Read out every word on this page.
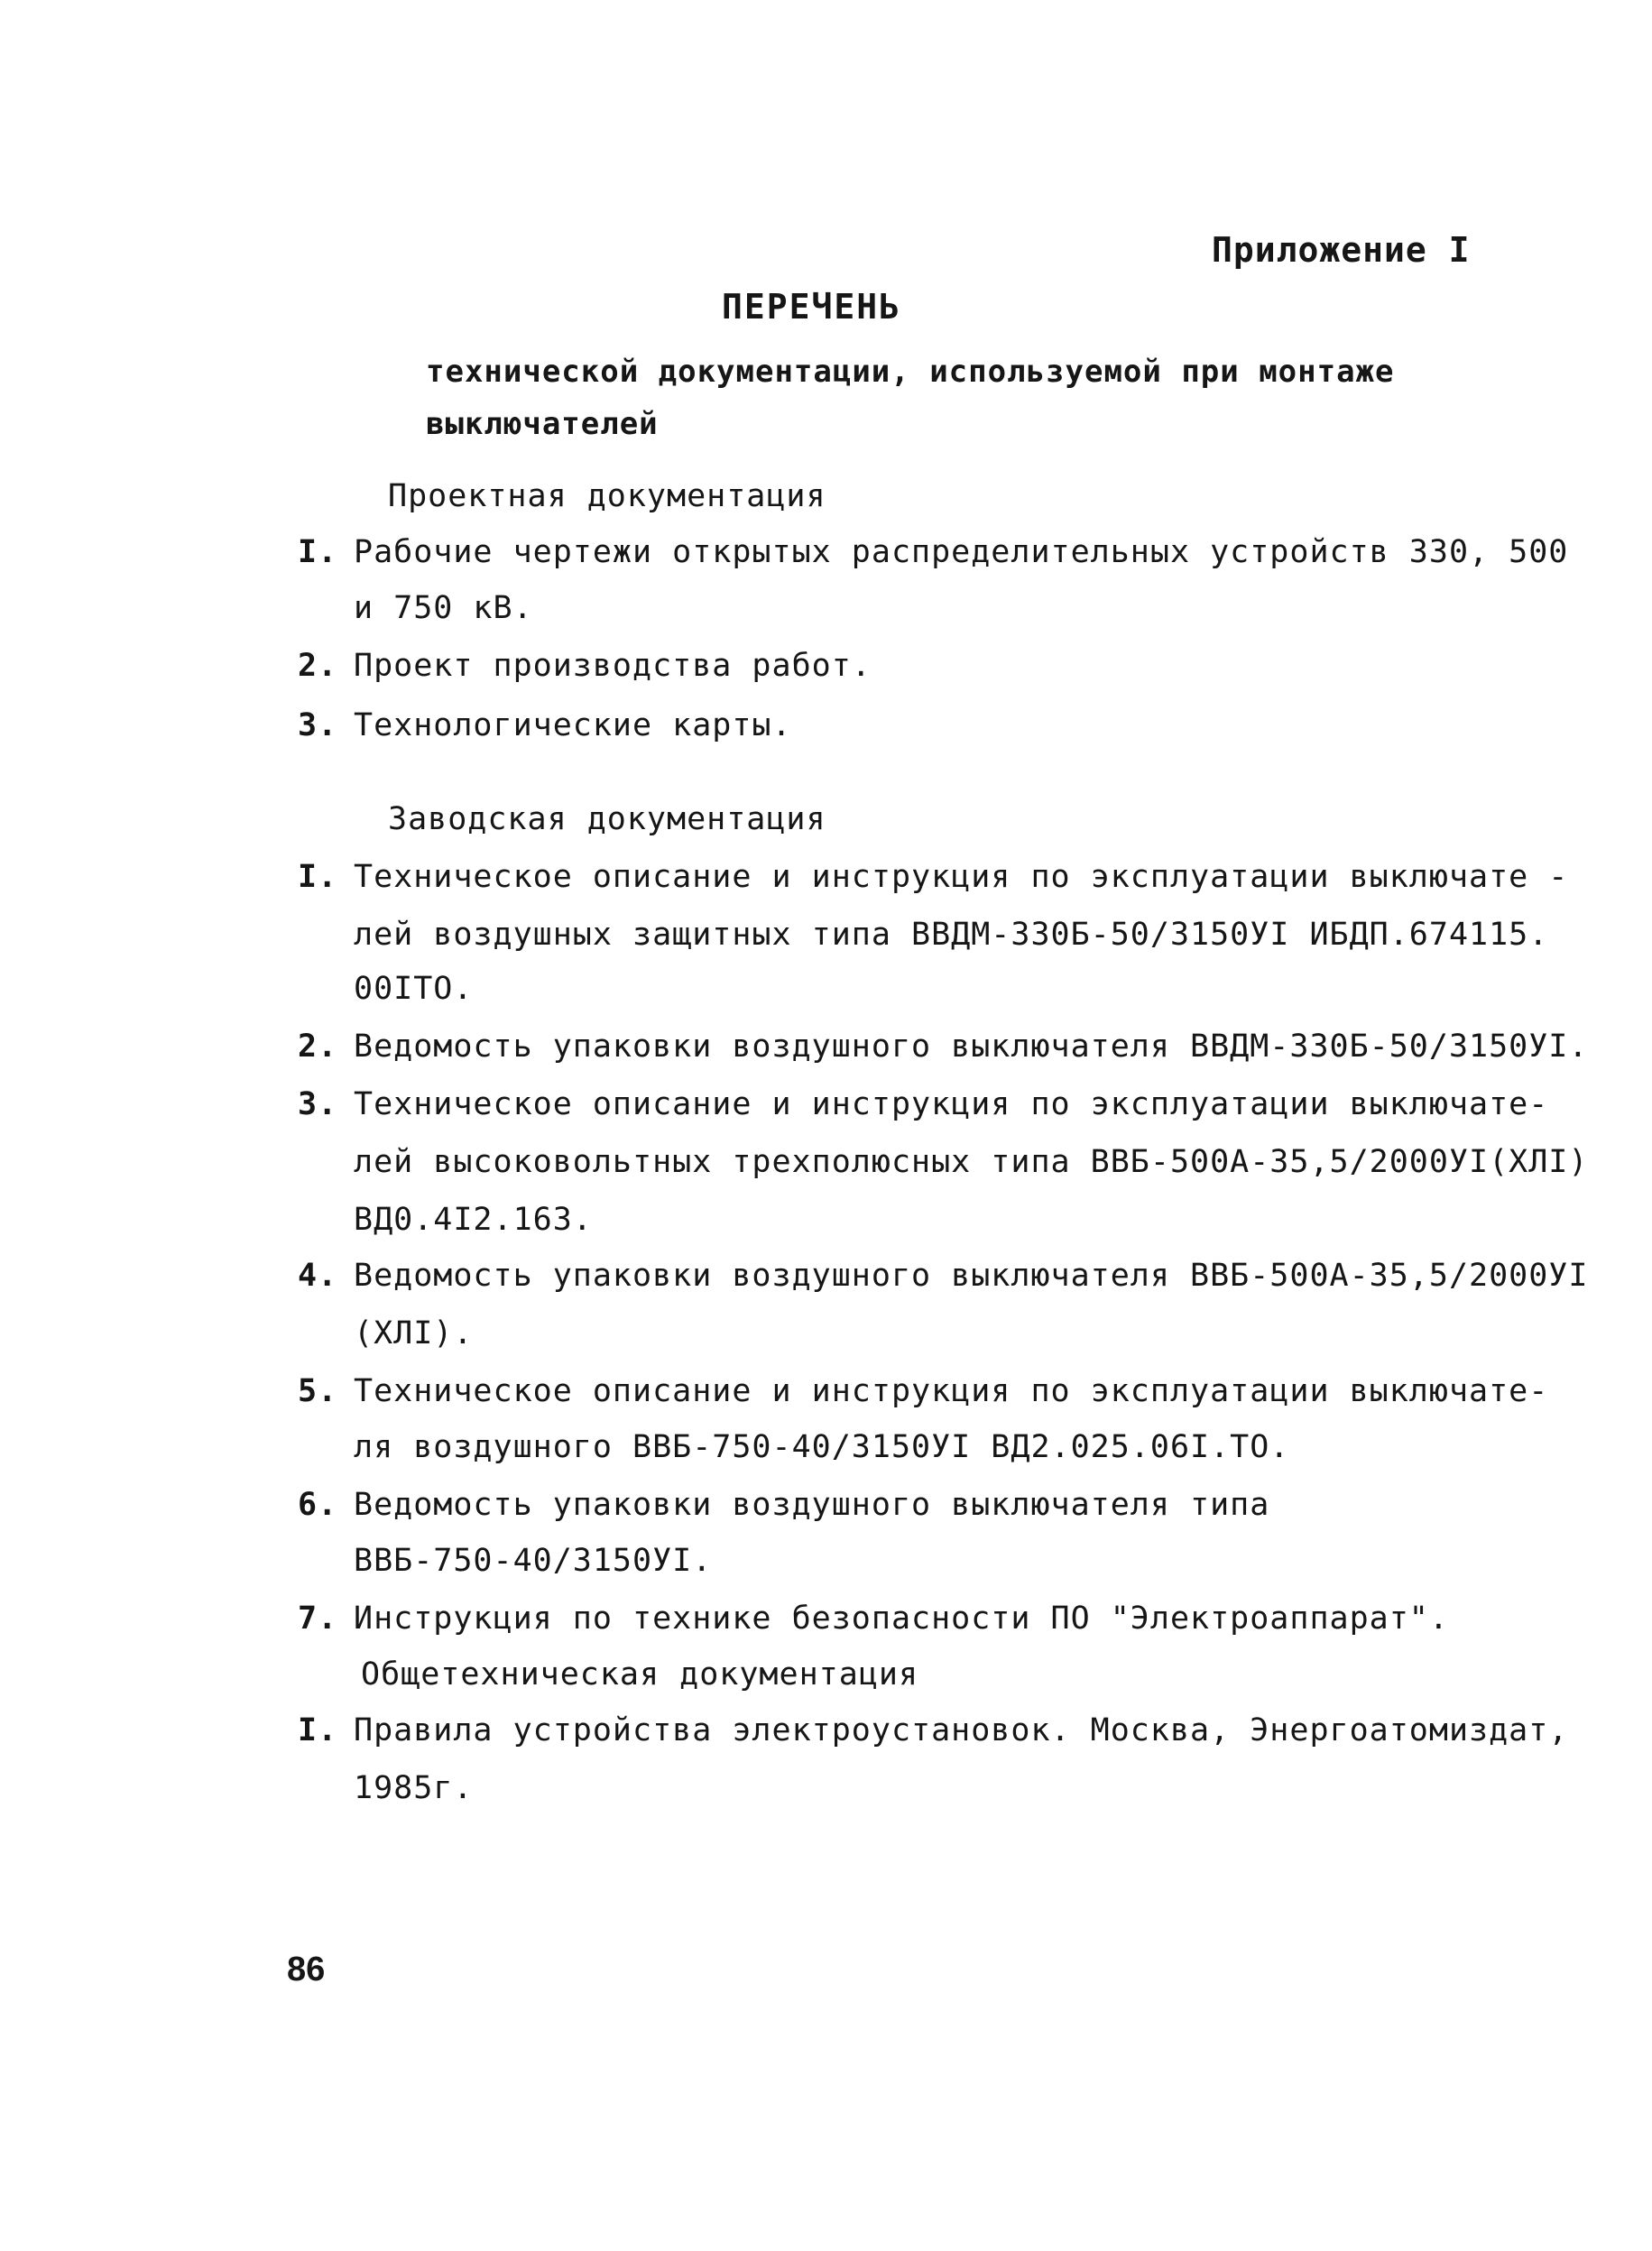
Приложение I
ПЕРЕЧЕНЬ
технической документации, используемой при монтаже
выключателей
Проектная документация
I. Рабочие чертежи открытых распределительных устройств 330, 500
и 750 кВ.
2. Проект производства работ.
3. Технологические карты.
Заводская документация
I. Техническое описание и инструкция по эксплуатации выключате -
лей воздушных защитных типа ВВДМ-330Б-50/3150УI ИБДП.674115.
00IТО.
2. Ведомость упаковки воздушного выключателя ВВДМ-330Б-50/3150УI.
3. Техническое описание и инструкция по эксплуатации выключате-
лей высоковольтных трехполюсных типа ВВБ-500А-35,5/2000УI(ХЛI)
ВД0.4I2.163.
4. Ведомость упаковки воздушного выключателя ВВБ-500А-35,5/2000УI
(ХЛI).
5. Техническое описание и инструкция по эксплуатации выключате-
ля воздушного ВВБ-750-40/3150УI ВД2.025.06I.ТО.
6. Ведомость упаковки воздушного выключателя типа
ВВБ-750-40/3150УI.
7. Инструкция по технике безопасности ПО "Электроаппарат".
Общетехническая документация
I. Правила устройства электроустановок. Москва, Энергоатомиздат,
1985г.
86
